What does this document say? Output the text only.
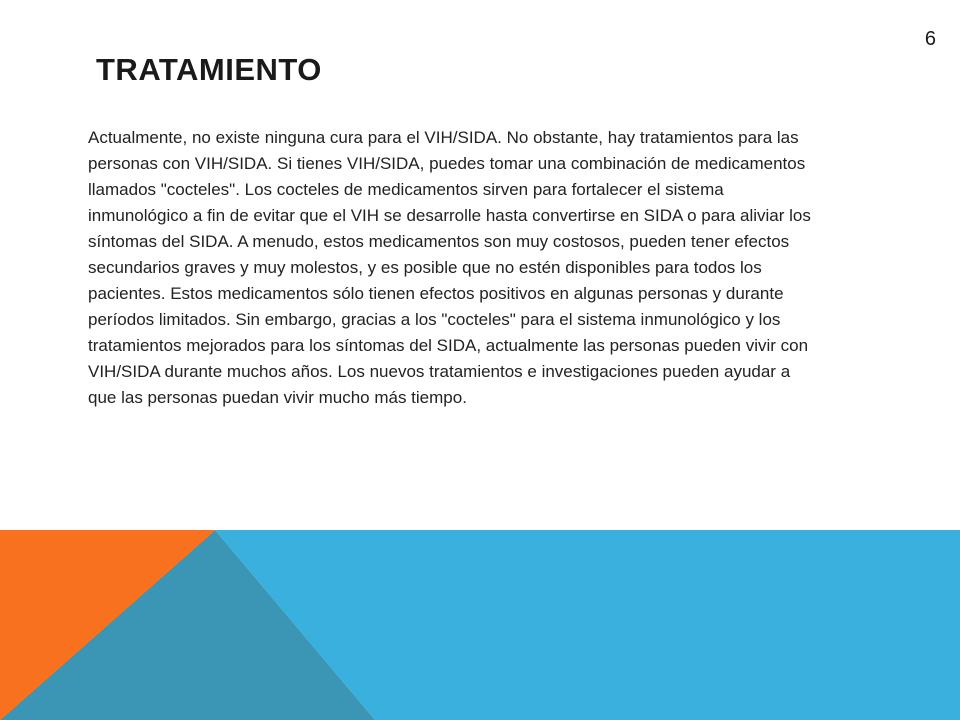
6
TRATAMIENTO

Actualmente, no existe ninguna cura para el VIH/SIDA. No obstante, hay tratamientos para las personas con VIH/SIDA. Si tienes VIH/SIDA, puedes tomar una combinación de medicamentos llamados "cocteles". Los cocteles de medicamentos sirven para fortalecer el sistema inmunológico a fin de evitar que el VIH se desarrolle hasta convertirse en SIDA o para aliviar los síntomas del SIDA. A menudo, estos medicamentos son muy costosos, pueden tener efectos secundarios graves y muy molestos, y es posible que no estén disponibles para todos los pacientes. Estos medicamentos sólo tienen efectos positivos en algunas personas y durante períodos limitados. Sin embargo, gracias a los "cocteles" para el sistema inmunológico y los tratamientos mejorados para los síntomas del SIDA, actualmente las personas pueden vivir con VIH/SIDA durante muchos años. Los nuevos tratamientos e investigaciones pueden ayudar a que las personas puedan vivir mucho más tiempo.
